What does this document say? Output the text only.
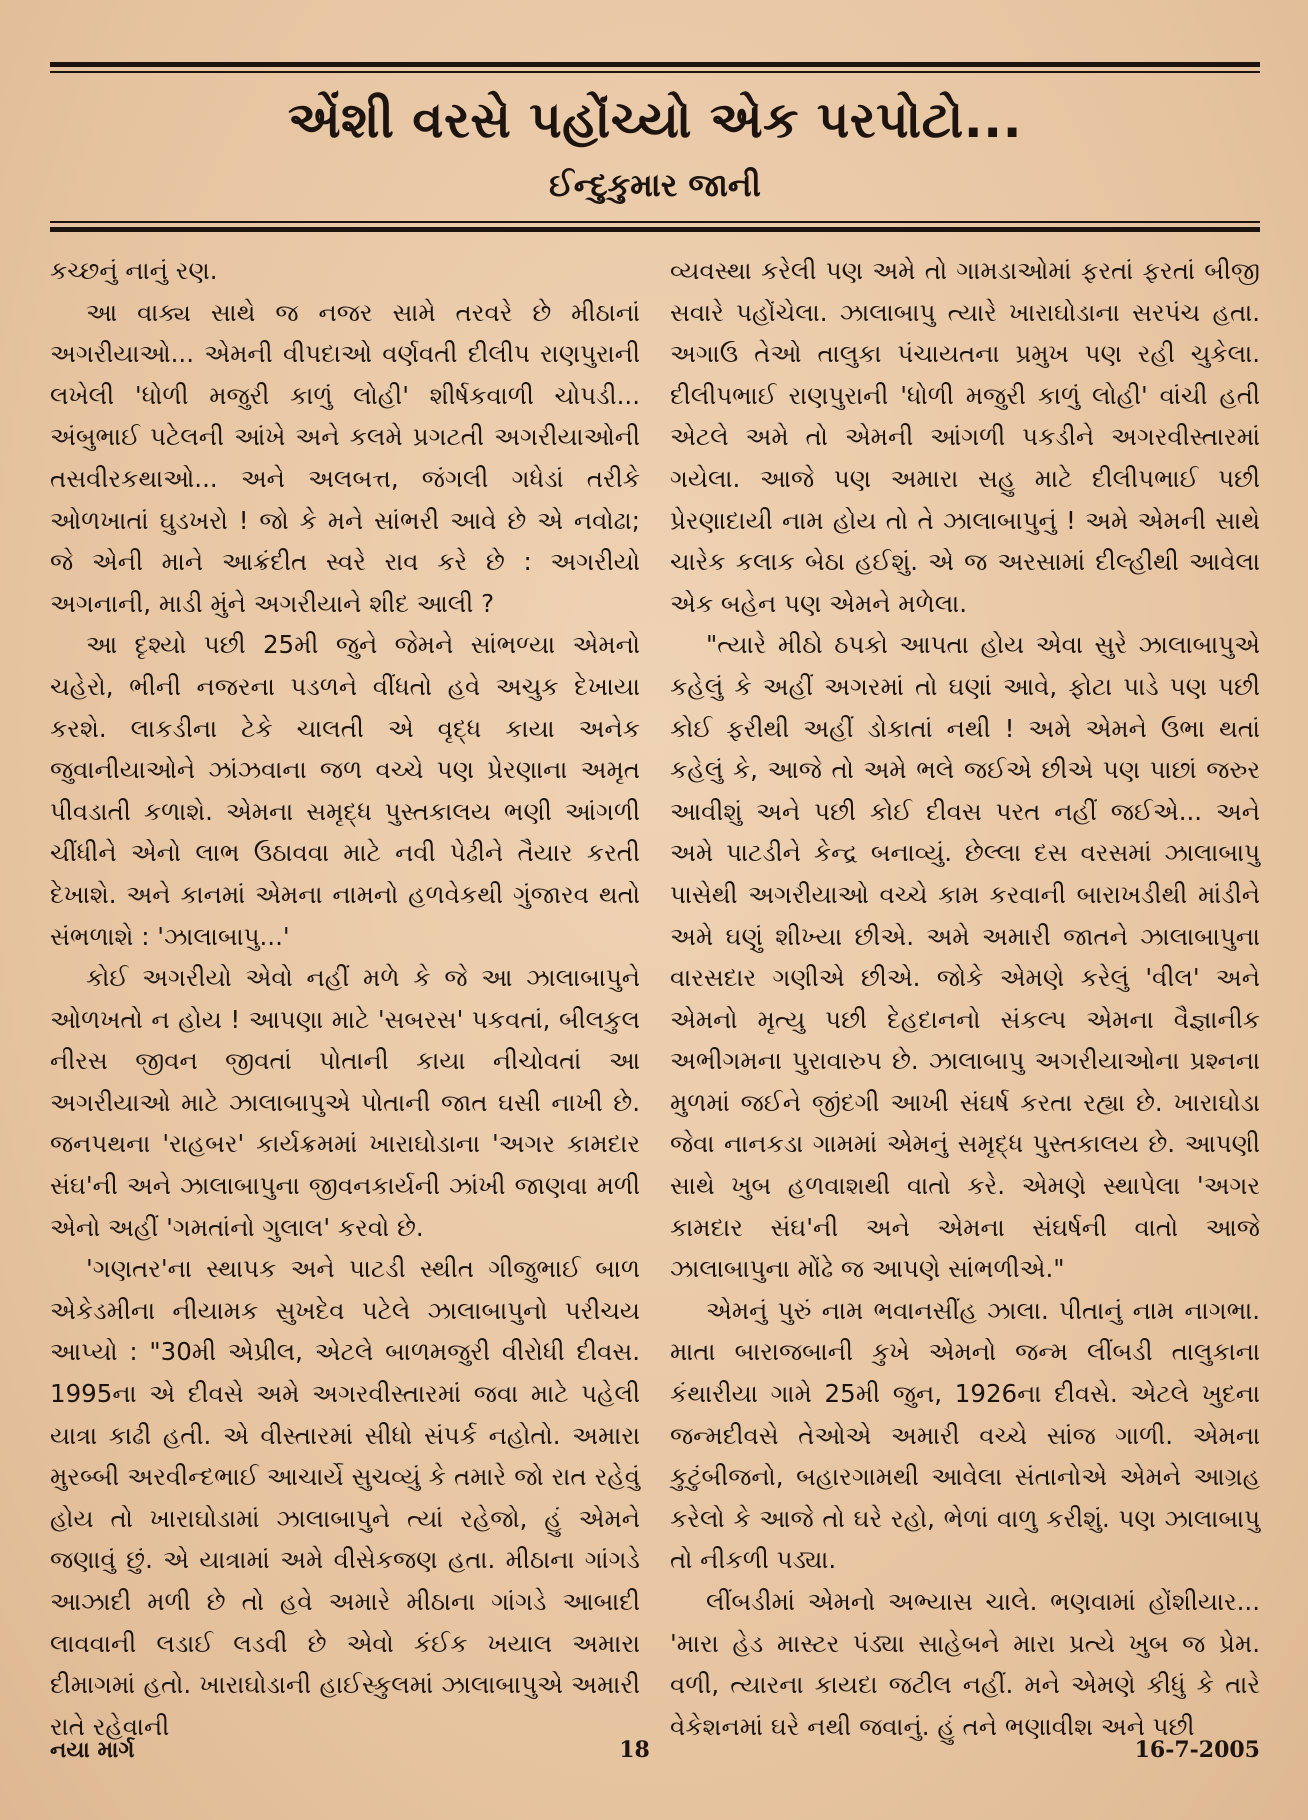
એંશી વરસે પહોંચ્યો એક પરપોટો...
ઈન્દુકુમાર જાની

કચ્છનું નાનું રણ.

આ વાક્ય સાથે જ નજર સામે તરવરે છે મીઠાનાં અગરીયાઓ... એમની વીપદાઓ વર્ણવતી દીલીપ રાણપુરાની લખેલી 'ધોળી મજુરી કાળું લોહી' શીર્ષકવાળી ચોપડી... અંબુભાઈ પટેલની આંખે અને કલમે પ્રગટતી અગરીયાઓની તસવીરકથાઓ... અને અલબત્ત, જંગલી ગધેડાં તરીકે ઓળખાતાં ઘુડખરો ! જો કે મને સાંભરી આવે છે એ નવોઢા; જે એની માને આક્રંદીત સ્વરે રાવ કરે છે : અગરીયો અગનાની, માડી મુંને અગરીયાને શીદ આલી ?

આ દૃશ્યો પછી 25મી જુને જેમને સાંભળ્યા એમનો ચહેરો, ભીની નજરના પડળને વીંધતો હવે અચુક દેખાયા કરશે. લાકડીના ટેકે ચાલતી એ વૃદ્ધ કાયા અનેક જુવાનીયાઓને ઝાંઝવાના જળ વચ્ચે પણ પ્રેરણાના અમૃત પીવડાતી કળાશે. એમના સમૃદ્ધ પુસ્તકાલય ભણી આંગળી ચીંધીને એનો લાભ ઉઠાવવા માટે નવી પેઢીને તૈયાર કરતી દેખાશે. અને કાનમાં એમના નામનો હળવેકથી ગુંજારવ થતો સંભળાશે : 'ઝાલાબાપુ...'

કોઈ અગરીયો એવો નહીં મળે કે જે આ ઝાલાબાપુને ઓળખતો ન હોય ! આપણા માટે 'સબરસ' પકવતાં, બીલકુલ નીરસ જીવન જીવતાં પોતાની કાયા નીચોવતાં આ અગરીયાઓ માટે ઝાલાબાપુએ પોતાની જાત ઘસી નાખી છે. જનપથના 'રાહબર' કાર્યક્રમમાં ખારાઘોડાના 'અગર કામદાર સંઘ'ની અને ઝાલાબાપુના જીવનકાર્યની ઝાંખી જાણવા મળી એનો અહીં 'ગમતાંનો ગુલાલ' કરવો છે.

'ગણતર'ના સ્થાપક અને પાટડી સ્થીત ગીજુભાઈ બાળ એકેડમીના નીયામક સુખદેવ પટેલે ઝાલાબાપુનો પરીચય આપ્યો : "30મી એપ્રીલ, એટલે બાળમજુરી વીરોધી દીવસ. 1995ના એ દીવસે અમે અગરવીસ્તારમાં જવા માટે પહેલી યાત્રા કાઢી હતી. એ વીસ્તારમાં સીધો સંપર્ક નહોતો. અમારા મુરબ્બી અરવીન્દભાઈ આચાર્યે સુચવ્યું કે તમારે જો રાત રહેવું હોય તો ખારાઘોડામાં ઝાલાબાપુને ત્યાં રહેજો, હું એમને જણાવું છું. એ યાત્રામાં અમે વીસેકજણ હતા. મીઠાના ગાંગડે આઝાદી મળી છે તો હવે અમારે મીઠાના ગાંગડે આબાદી લાવવાની લડાઈ લડવી છે એવો કંઈક ખયાલ અમારા દીમાગમાં હતો. ખારાઘોડાની હાઈસ્કુલમાં ઝાલાબાપુએ અમારી રાતે રહેવાની

વ્યવસ્થા કરેલી પણ અમે તો ગામડાઓમાં ફરતાં ફરતાં બીજી સવારે પહોંચેલા. ઝાલાબાપુ ત્યારે ખારાઘોડાના સરપંચ હતા. અગાઉ તેઓ તાલુકા પંચાયતના પ્રમુખ પણ રહી ચુકેલા. દીલીપભાઈ રાણપુરાની 'ધોળી મજુરી કાળું લોહી' વાંચી હતી એટલે અમે તો એમની આંગળી પકડીને અગરવીસ્તારમાં ગયેલા. આજે પણ અમારા સહુ માટે દીલીપભાઈ પછી પ્રેરણાદાયી નામ હોય તો તે ઝાલાબાપુનું ! અમે એમની સાથે ચારેક કલાક બેઠા હઈશું. એ જ અરસામાં દીલ્હીથી આવેલા એક બહેન પણ એમને મળેલા.

"ત્યારે મીઠો ઠપકો આપતા હોય એવા સુરે ઝાલાબાપુએ કહેલું કે અહીં અગરમાં તો ઘણાં આવે, ફોટા પાડે પણ પછી કોઈ ફરીથી અહીં ડોકાતાં નથી ! અમે એમને ઉભા થતાં કહેલું કે, આજે તો અમે ભલે જઈએ છીએ પણ પાછાં જરુર આવીશું અને પછી કોઈ દીવસ પરત નહીં જઈએ... અને અમે પાટડીને કેન્દ્ર બનાવ્યું. છેલ્લા દસ વરસમાં ઝાલાબાપુ પાસેથી અગરીયાઓ વચ્ચે કામ કરવાની બારાખડીથી માંડીને અમે ઘણું શીખ્યા છીએ. અમે અમારી જાતને ઝાલાબાપુના વારસદાર ગણીએ છીએ. જોકે એમણે કરેલું 'વીલ' અને એમનો મૃત્યુ પછી દેહદાનનો સંકલ્પ એમના વૈજ્ઞાનીક અભીગમના પુરાવારુપ છે. ઝાલાબાપુ અગરીયાઓના પ્રશ્નના મુળમાં જઈને જીંદગી આખી સંઘર્ષ કરતા રહ્યા છે. ખારાઘોડા જેવા નાનકડા ગામમાં એમનું સમૃદ્ધ પુસ્તકાલય છે. આપણી સાથે ખુબ હળવાશથી વાતો કરે. એમણે સ્થાપેલા 'અગર કામદાર સંઘ'ની અને એમના સંઘર્ષની વાતો આજે ઝાલાબાપુના મોંઢે જ આપણે સાંભળીએ."

એમનું પુરું નામ ભવાનસીંહ ઝાલા. પીતાનું નામ નાગભા. માતા બારાજબાની કુખે એમનો જન્મ લીંબડી તાલુકાના કંથારીયા ગામે 25મી જુન, 1926ના દીવસે. એટલે ખુદના જન્મદીવસે તેઓએ અમારી વચ્ચે સાંજ ગાળી. એમના કુટુંબીજનો, બહારગામથી આવેલા સંતાનોએ એમને આગ્રહ કરેલો કે આજે તો ઘરે રહો, ભેળાં વાળુ કરીશું. પણ ઝાલાબાપુ તો નીકળી પડ્યા.

લીંબડીમાં એમનો અભ્યાસ ચાલે. ભણવામાં હોંશીયાર... 'મારા હેડ માસ્ટર પંડ્યા સાહેબને મારા પ્રત્યે ખુબ જ પ્રેમ. વળી, ત્યારના કાયદા જટીલ નહીં. મને એમણે કીધું કે તારે વેકેશનમાં ઘરે નથી જવાનું. હું તને ભણાવીશ અને પછી

નયા માર્ગ	18	16-7-2005
